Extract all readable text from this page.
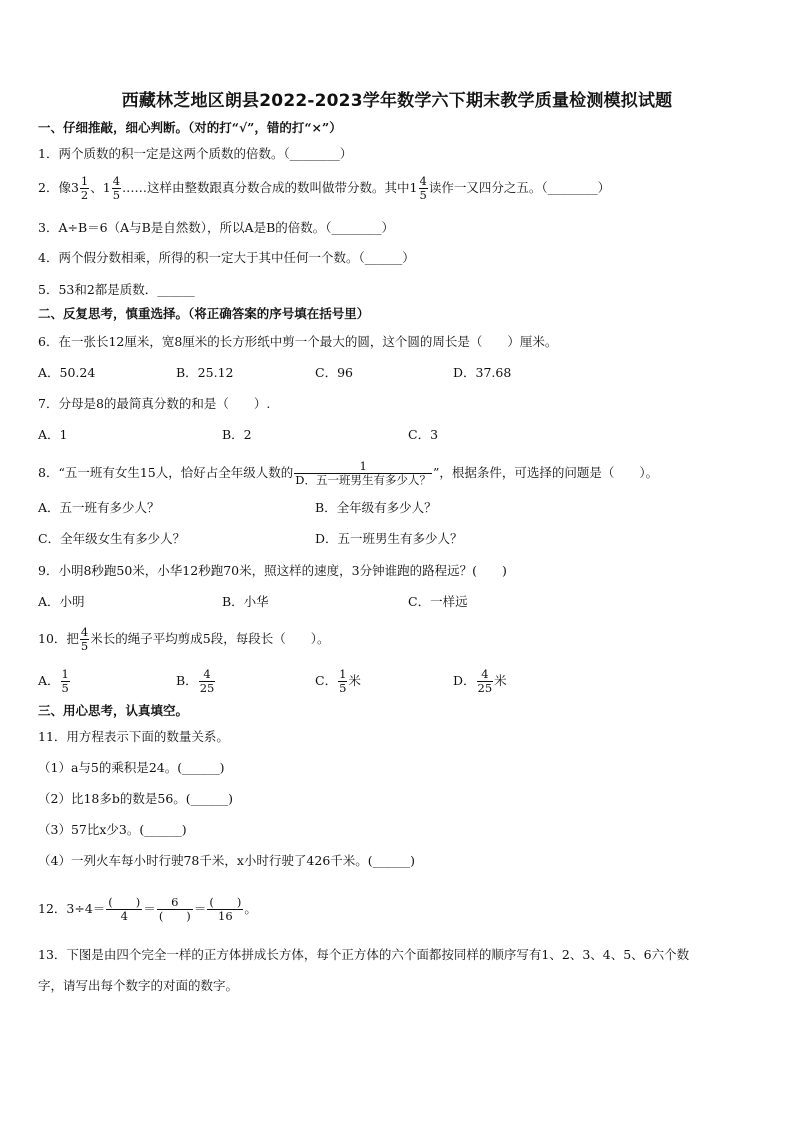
西藏林芝地区朗县2022-2023学年数学六下期末教学质量检测模拟试题
一、仔细推敲，细心判断。（对的打“√”，错的打“×”）
1．两个质数的积一定是这两个质数的倍数。（________）
2．像$3 \frac{1}{2}$ 、$1 \frac{4}{5}$ ……这样由整数跟真分数合成的数叫做带分数。其中$1 \frac{4}{5}$ 读作一又四分之五。（________）
3．A÷B＝6（A与B是自然数），所以A是B的倍数。（________）
4．两个假分数相乘，所得的积一定大于其中任何一个数。（______）
5．53和2都是质数．______
二、反复思考，慎重选择。（将正确答案的序号填在括号里）
6．在一张长12厘米，宽8厘米的长方形纸中剪一个最大的圆，这个圆的周长是（　　）厘米。
A．50.24	B．25.12	C．96	D．37.68
7．分母是8的最简真分数的和是（　　）.
A．1	B．2	C．3
8．“五一班有女生15人，恰好占全年级人数的 $\frac{1}{\text{D．五一班男生有多少人？}}$ ”，根据条件，可选择的问题是（　　）。
A．五一班有多少人？	B．全年级有多少人？
C．全年级女生有多少人？	D．五一班男生有多少人？
9．小明8秒跑50米，小华12秒跑70米，照这样的速度，3分钟谁跑的路程远？(　　)
A．小明	B．小华	C．一样远
10．把 $\frac{4}{5}$ 米长的绳子平均剪成5段，每段长（　　）。
A． $\frac{1}{5}$	B． $\frac{4}{25}$	C． $\frac{1}{5}$ 米	D． $\frac{4}{25}$ 米
三、用心思考，认真填空。
11．用方程表示下面的数量关系。
（1）a与5的乘积是24。(______)
（2）比18多b的数是56。(______)
（3）57比x少3。(______)
（4）一列火车每小时行驶78千米，x小时行驶了426千米。(______)
12．$3\div 4= \frac{( )}{4} = \frac{6}{( )} = \frac{( )}{16}$ 。
13．下图是由四个完全一样的正方体拼成长方体，每个正方体的六个面都按同样的顺序写有1、2、3、4、5、6六个数
字，请写出每个数字的对面的数字。
